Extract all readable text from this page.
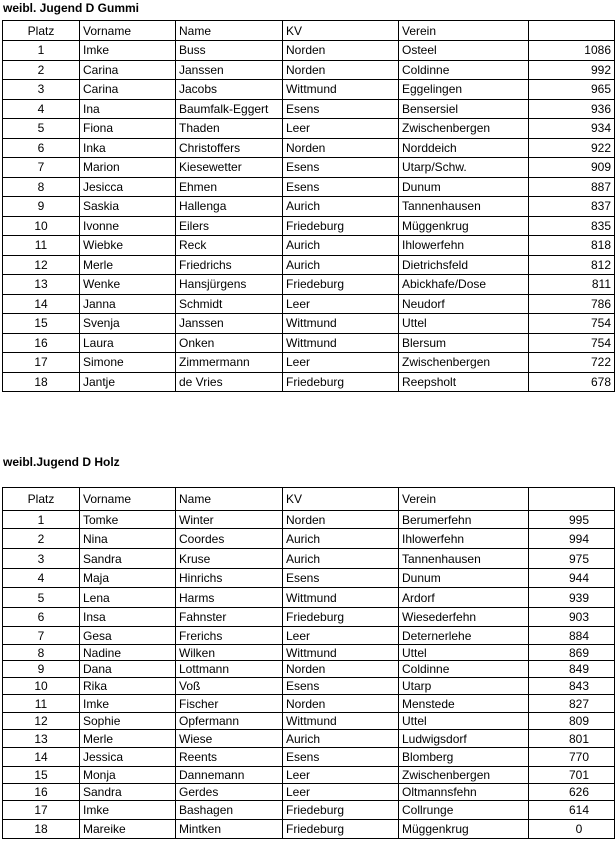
weibl. Jugend D Gummi
Platz	Vorname	Name	KV	Verein	
1	Imke	Buss	Norden	Osteel	1086
2	Carina	Janssen	Norden	Coldinne	992
3	Carina	Jacobs	Wittmund	Eggelingen	965
4	Ina	Baumfalk-Eggert	Esens	Bensersiel	936
5	Fiona	Thaden	Leer	Zwischenbergen	934
6	Inka	Christoffers	Norden	Norddeich	922
7	Marion	Kiesewetter	Esens	Utarp/Schw.	909
8	Jesicca	Ehmen	Esens	Dunum	887
9	Saskia	Hallenga	Aurich	Tannenhausen	837
10	Ivonne	Eilers	Friedeburg	Müggenkrug	835
11	Wiebke	Reck	Aurich	Ihlowerfehn	818
12	Merle	Friedrichs	Aurich	Dietrichsfeld	812
13	Wenke	Hansjürgens	Friedeburg	Abickhafe/Dose	811
14	Janna	Schmidt	Leer	Neudorf	786
15	Svenja	Janssen	Wittmund	Uttel	754
16	Laura	Onken	Wittmund	Blersum	754
17	Simone	Zimmermann	Leer	Zwischenbergen	722
18	Jantje	de Vries	Friedeburg	Reepsholt	678
weibl.Jugend D Holz
Platz	Vorname	Name	KV	Verein	
1	Tomke	Winter	Norden	Berumerfehn	995
2	Nina	Coordes	Aurich	Ihlowerfehn	994
3	Sandra	Kruse	Aurich	Tannenhausen	975
4	Maja	Hinrichs	Esens	Dunum	944
5	Lena	Harms	Wittmund	Ardorf	939
6	Insa	Fahnster	Friedeburg	Wiesederfehn	903
7	Gesa	Frerichs	Leer	Deternerlehe	884
8	Nadine	Wilken	Wittmund	Uttel	869
9	Dana	Lottmann	Norden	Coldinne	849
10	Rika	Voß	Esens	Utarp	843
11	Imke	Fischer	Norden	Menstede	827
12	Sophie	Opfermann	Wittmund	Uttel	809
13	Merle	Wiese	Aurich	Ludwigsdorf	801
14	Jessica	Reents	Esens	Blomberg	770
15	Monja	Dannemann	Leer	Zwischenbergen	701
16	Sandra	Gerdes	Leer	Oltmannsfehn	626
17	Imke	Bashagen	Friedeburg	Collrunge	614
18	Mareike	Mintken	Friedeburg	Müggenkrug	0
